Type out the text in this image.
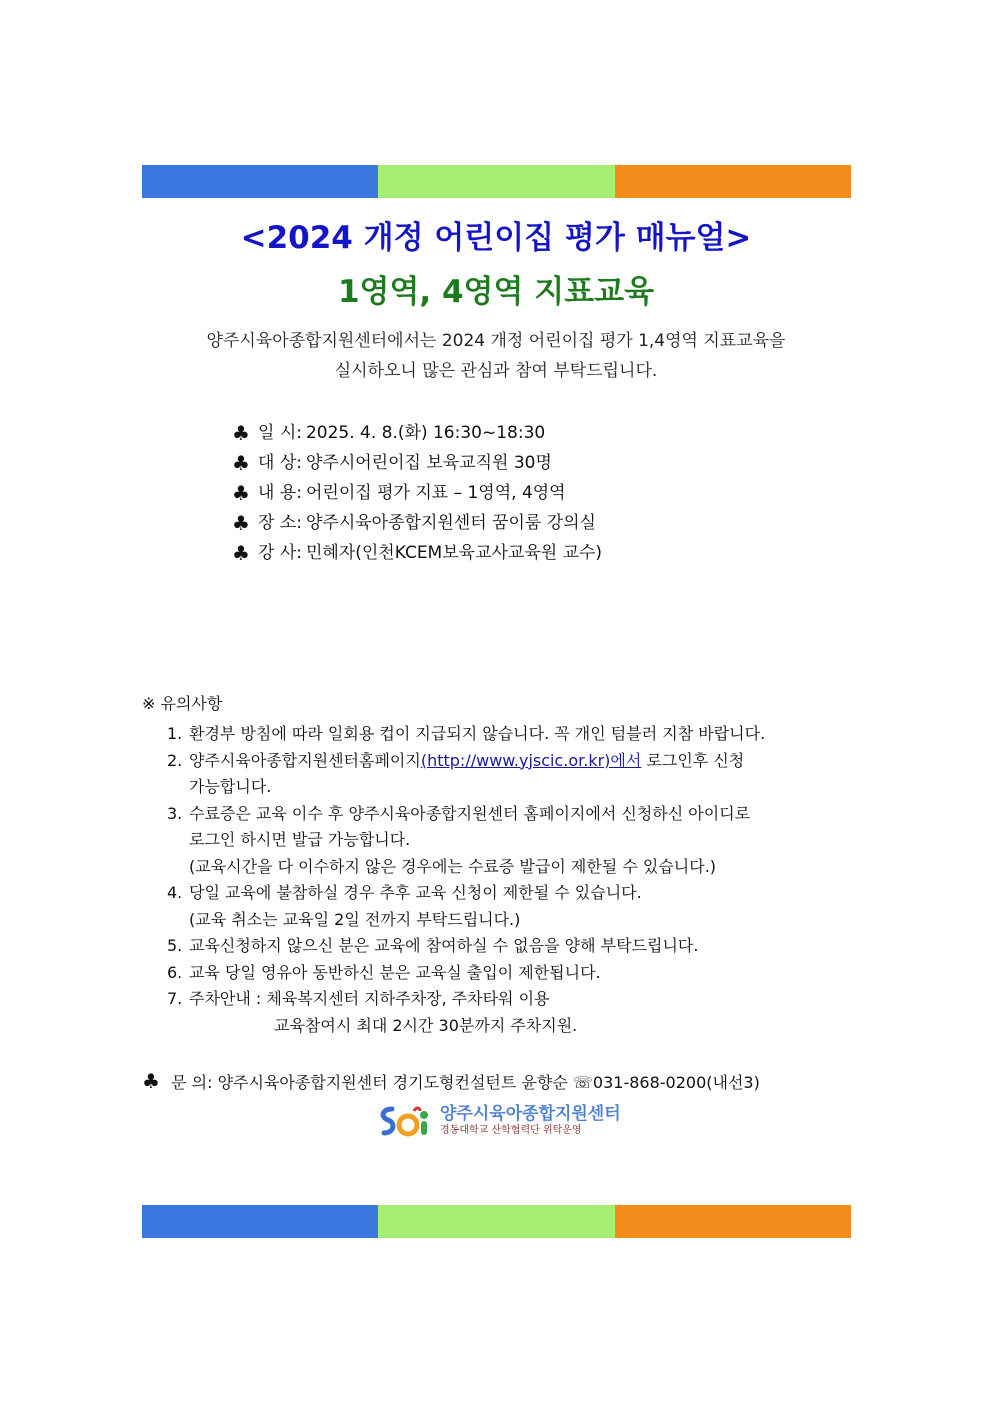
<2024 개정 어린이집 평가 매뉴얼>
1영역, 4영역 지표교육
양주시육아종합지원센터에서는 2024 개정 어린이집 평가 1,4영역 지표교육을
실시하오니 많은 관심과 참여 부탁드립니다.
♣ 일 시: 2025. 4. 8.(화) 16:30~18:30
♣ 대 상: 양주시어린이집 보육교직원 30명
♣ 내 용: 어린이집 평가 지표 – 1영역, 4영역
♣ 장 소: 양주시육아종합지원센터 꿈이룸 강의실
♣ 강 사: 민혜자(인천KCEM보육교사교육원 교수)
※ 유의사항
1. 환경부 방침에 따라 일회용 컵이 지급되지 않습니다. 꼭 개인 텀블러 지참 바랍니다.
2. 양주시육아종합지원센터홈페이지(http://www.yjscic.or.kr)에서 로그인후 신청
가능합니다.
3. 수료증은 교육 이수 후 양주시육아종합지원센터 홈페이지에서 신청하신 아이디로
로그인 하시면 발급 가능합니다.
(교육시간을 다 이수하지 않은 경우에는 수료증 발급이 제한될 수 있습니다.)
4. 당일 교육에 불참하실 경우 추후 교육 신청이 제한될 수 있습니다.
(교육 취소는 교육일 2일 전까지 부탁드립니다.)
5. 교육신청하지 않으신 분은 교육에 참여하실 수 없음을 양해 부탁드립니다.
6. 교육 당일 영유아 동반하신 분은 교육실 출입이 제한됩니다.
7. 주차안내 : 체육복지센터 지하주차장, 주차타워 이용
교육참여시 최대 2시간 30분까지 주차지원.
♣ 문 의: 양주시육아종합지원센터 경기도형컨설턴트 윤향순 ☏031-868-0200(내선3)
양주시육아종합지원센터
경동대학교 산학협력단 위탁운영
